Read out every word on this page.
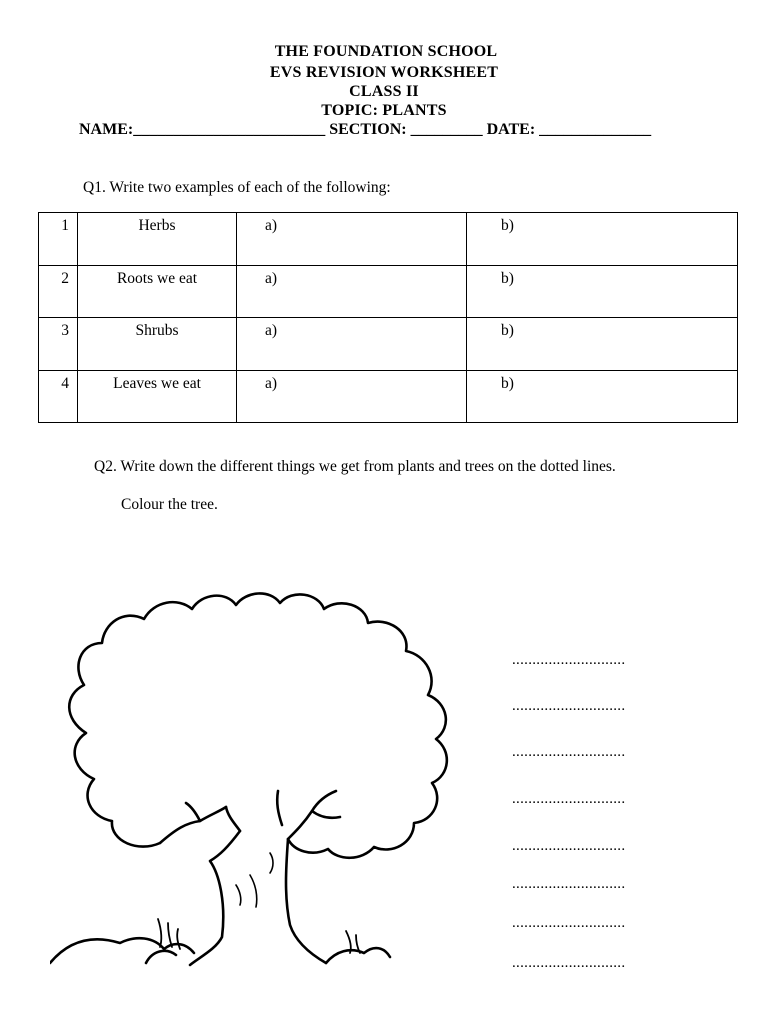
THE FOUNDATION SCHOOL
EVS REVISION WORKSHEET
CLASS II
TOPIC: PLANTS
NAME:________________________ SECTION: _________ DATE: ______________
Q1. Write two examples of each of the following:
1	Herbs	a)	b)
2	Roots we eat	a)	b)
3	Shrubs	a)	b)
4	Leaves we eat	a)	b)
Q2. Write down the different things we get from plants and trees on the dotted lines.
Colour the tree.
............................
............................
............................
............................
............................
............................
............................
............................
